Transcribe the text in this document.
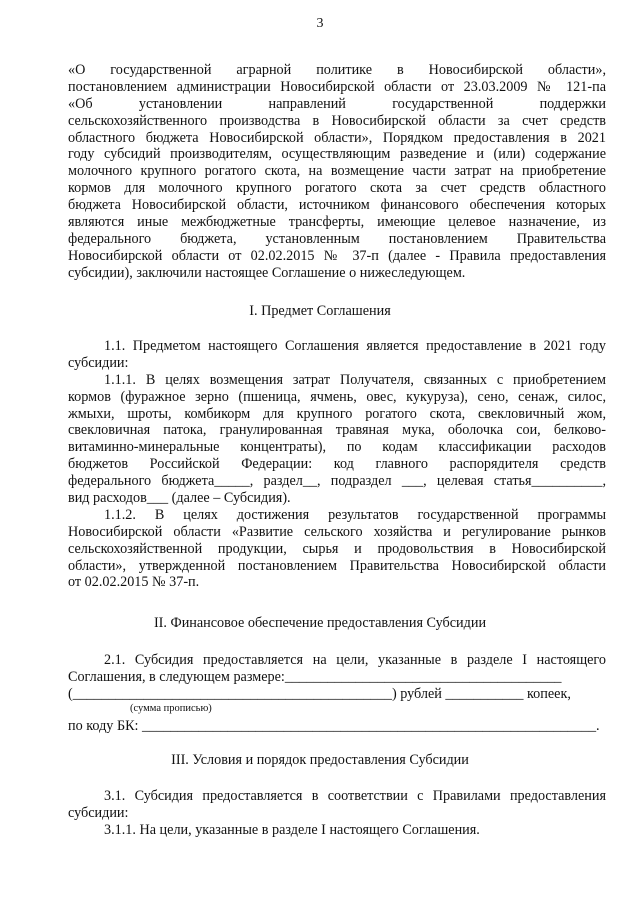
3

«О государственной аграрной политике в Новосибирской области»,

постановлением администрации Новосибирской области от 23.03.2009 № 121-па

«Об установлении направлений государственной поддержки

сельскохозяйственного производства в Новосибирской области за счет средств

областного бюджета Новосибирской области», Порядком предоставления в 2021

году субсидий производителям, осуществляющим разведение и (или) содержание

молочного крупного рогатого скота, на возмещение части затрат на приобретение

кормов для молочного крупного рогатого скота за счет средств областного

бюджета Новосибирской области, источником финансового обеспечения которых

являются иные межбюджетные трансферты, имеющие целевое назначение, из

федерального бюджета, установленным постановлением Правительства

Новосибирской области от 02.02.2015 № 37-п (далее - Правила предоставления

субсидии), заключили настоящее Соглашение о нижеследующем.

I. Предмет Соглашения

1.1. Предметом настоящего Соглашения является предоставление в 2021 году

субсидии:

1.1.1. В целях возмещения затрат Получателя, связанных с приобретением

кормов (фуражное зерно (пшеница, ячмень, овес, кукуруза), сено, сенаж, силос,

жмыхи, шроты, комбикорм для крупного рогатого скота, свекловичный жом,

свекловичная патока, гранулированная травяная мука, оболочка сои, белково-

витаминно-минеральные концентраты), по кодам классификации расходов

бюджетов Российской Федерации: код главного распорядителя средств

федерального бюджета_____, раздел__, подраздел ___, целевая статья__________,

вид расходов___ (далее – Субсидия).

1.1.2. В целях достижения результатов государственной программы

Новосибирской области «Развитие сельского хозяйства и регулирование рынков

сельскохозяйственной продукции, сырья и продовольствия в Новосибирской

области», утвержденной постановлением Правительства Новосибирской области

от 02.02.2015 № 37-п.

II. Финансовое обеспечение предоставления Субсидии

2.1. Субсидия предоставляется на цели, указанные в разделе I настоящего

Соглашения, в следующем размере:_______________________________________

(_____________________________________________) рублей ___________ копеек,

(сумма прописью)

по коду БК: ________________________________________________________________.

III. Условия и порядок предоставления Субсидии

3.1. Субсидия предоставляется в соответствии с Правилами предоставления

субсидии:

3.1.1. На цели, указанные в разделе I настоящего Соглашения.
